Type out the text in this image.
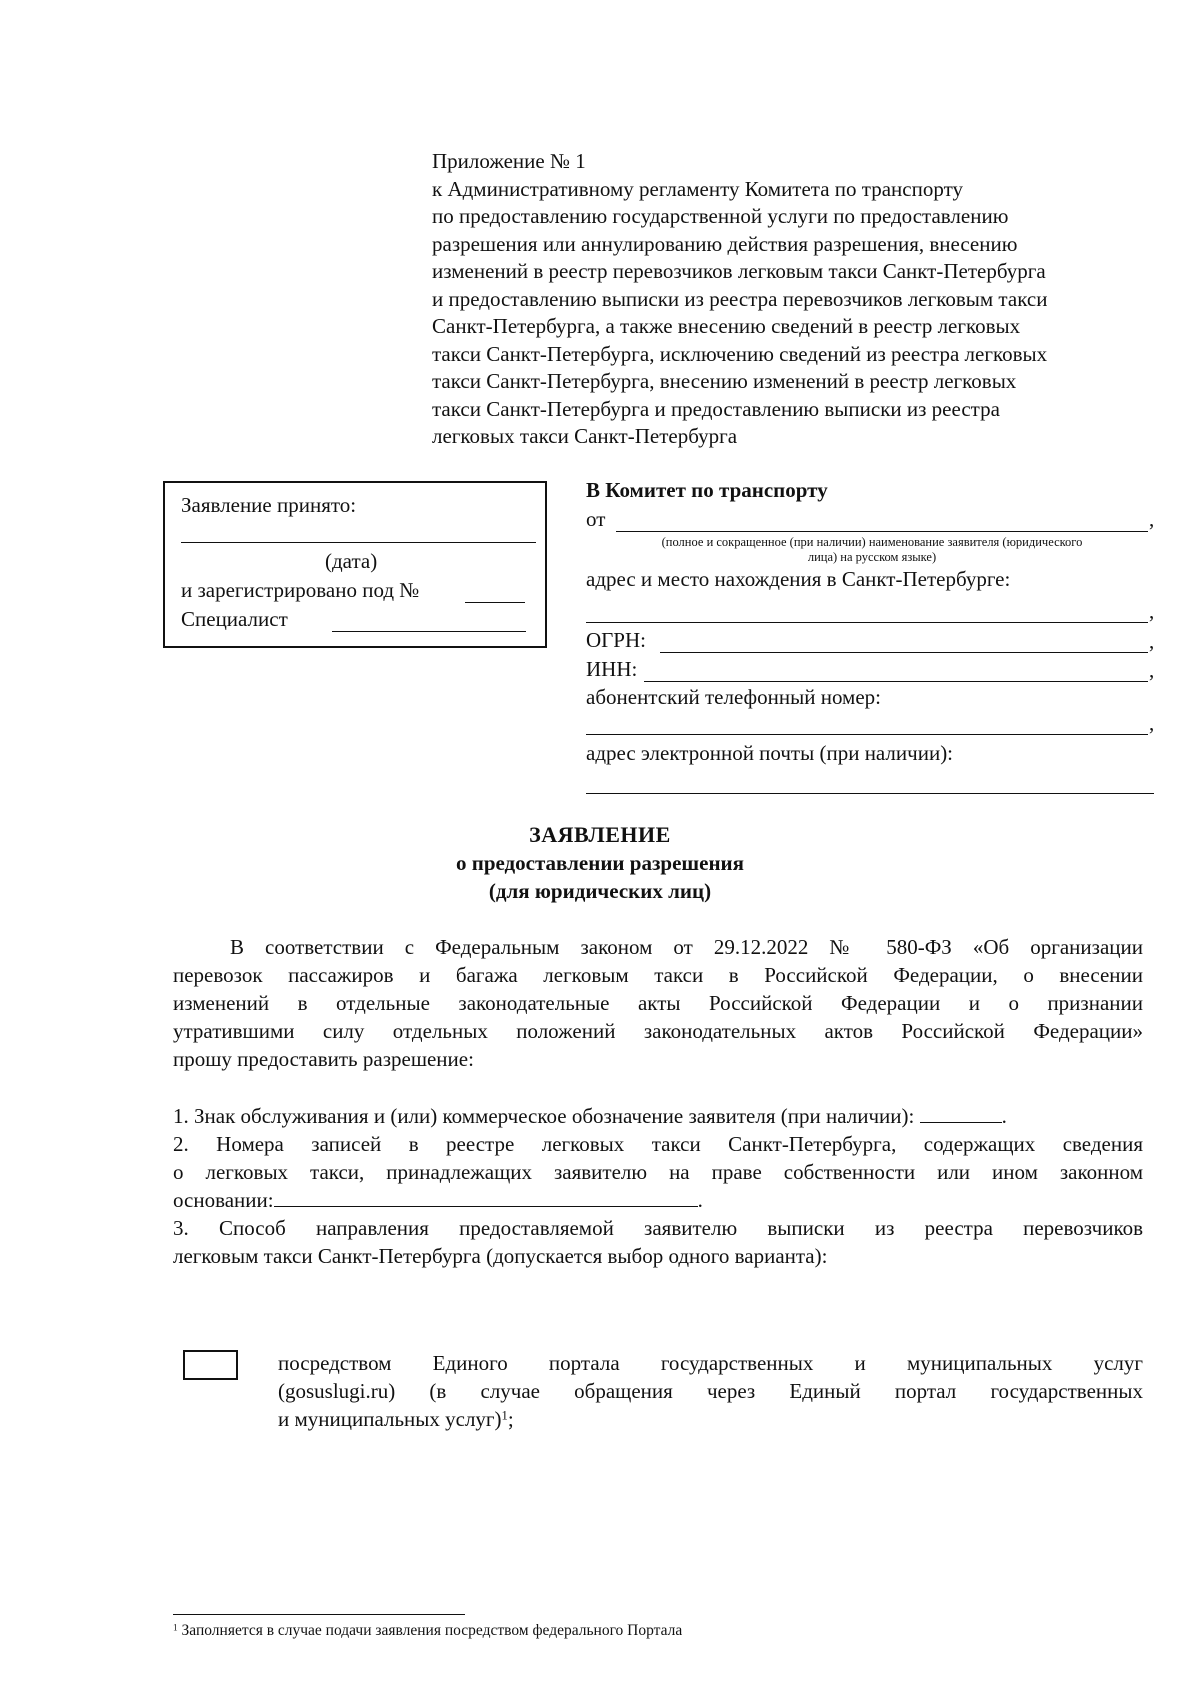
Приложение № 1
к Административному регламенту Комитета по транспорту
по предоставлению государственной услуги по предоставлению
разрешения или аннулированию действия разрешения, внесению
изменений в реестр перевозчиков легковым такси Санкт-Петербурга
и предоставлению выписки из реестра перевозчиков легковым такси
Санкт-Петербурга, а также внесению сведений в реестр легковых
такси Санкт-Петербурга, исключению сведений из реестра легковых
такси Санкт-Петербурга, внесению изменений в реестр легковых
такси Санкт-Петербурга и предоставлению выписки из реестра
легковых такси Санкт-Петербурга
Заявление принято:
(дата)
и зарегистрировано под №
Специалист
В Комитет по транспорту
от	,
(полное и сокращенное (при наличии) наименование заявителя (юридического
лица) на русском языке)
адрес и место нахождения в Санкт-Петербурге:
,
ОГРН:	,
ИНН:	,
абонентский телефонный номер:
,
адрес электронной почты (при наличии):
ЗАЯВЛЕНИЕ
о предоставлении разрешения
(для юридических лиц)
В соответствии с Федеральным законом от 29.12.2022 № 580-ФЗ «Об организации
перевозок пассажиров и багажа легковым такси в Российской Федерации, о внесении
изменений в отдельные законодательные акты Российской Федерации и о признании
утратившими силу отдельных положений законодательных актов Российской Федерации»
прошу предоставить разрешение:
1. Знак обслуживания и (или) коммерческое обозначение заявителя (при наличии):	.
2. Номера записей в реестре легковых такси Санкт-Петербурга, содержащих сведения
о легковых такси, принадлежащих заявителю на праве собственности или ином законном
основании:	.
3. Способ направления предоставляемой заявителю выписки из реестра перевозчиков
легковым такси Санкт-Петербурга (допускается выбор одного варианта):
посредством Единого портала государственных и муниципальных услуг
(gosuslugi.ru) (в случае обращения через Единый портал государственных
и муниципальных услуг)$^1$;
$^1$ Заполняется в случае подачи заявления посредством федерального Портала
